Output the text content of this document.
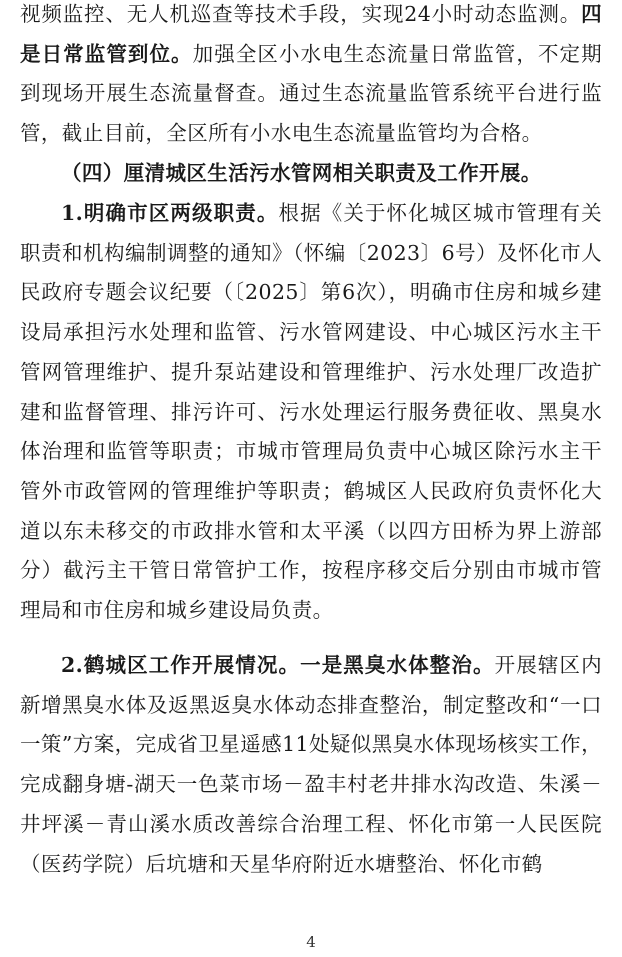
视频监控、无人机巡查等技术手段，实现24小时动态监测。四是日常监管到位。加强全区小水电生态流量日常监管，不定期到现场开展生态流量督查。通过生态流量监管系统平台进行监管，截止目前，全区所有小水电生态流量监管均为合格。

（四）厘清城区生活污水管网相关职责及工作开展。

1.明确市区两级职责。根据《关于怀化城区城市管理有关职责和机构编制调整的通知》（怀编〔2023〕6号）及怀化市人民政府专题会议纪要（〔2025〕第6次），明确市住房和城乡建设局承担污水处理和监管、污水管网建设、中心城区污水主干管网管理维护、提升泵站建设和管理维护、污水处理厂改造扩建和监督管理、排污许可、污水处理运行服务费征收、黑臭水体治理和监管等职责；市城市管理局负责中心城区除污水主干管外市政管网的管理维护等职责；鹤城区人民政府负责怀化大道以东未移交的市政排水管和太平溪（以四方田桥为界上游部分）截污主干管日常管护工作，按程序移交后分别由市城市管理局和市住房和城乡建设局负责。

2.鹤城区工作开展情况。一是黑臭水体整治。开展辖区内新增黑臭水体及返黑返臭水体动态排查整治，制定整改和“一口一策”方案，完成省卫星遥感11处疑似黑臭水体现场核实工作，完成翻身塘-湖天一色菜市场－盈丰村老井排水沟改造、朱溪－井坪溪－青山溪水质改善综合治理工程、怀化市第一人民医院（医药学院）后坑塘和天星华府附近水塘整治、怀化市鹤

4
